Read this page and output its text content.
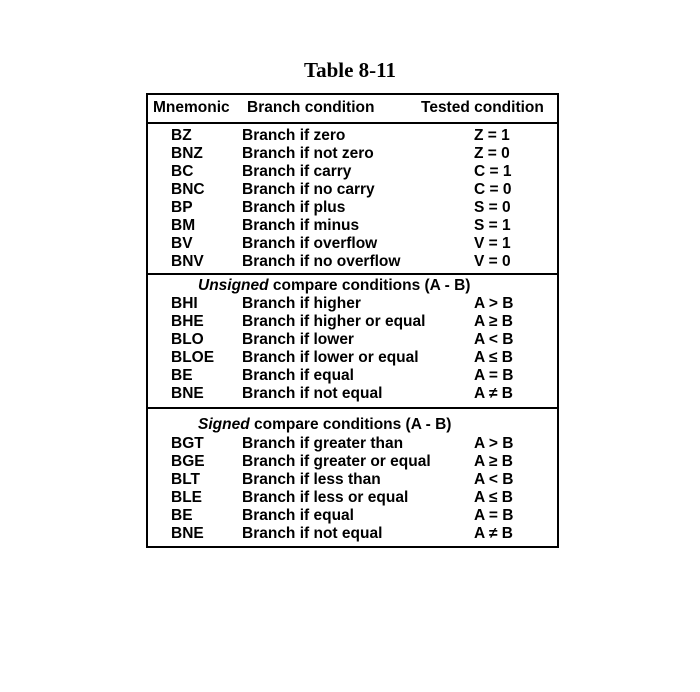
Table 8-11
Mnemonic Branch condition	Tested condition
BZ	Branch if zero	Z = 1
BNZ	Branch if not zero	Z = 0
BC	Branch if carry	C = 1
BNC Branch if no carry	C = 0
BP	Branch if plus	S = 0
BM	Branch if minus	S = 1
BV	Branch if overflow	V = 1
BNV Branch if no overflow	V = 0
Unsigned compare conditions (A - B)
BHI	Branch if higher	A > B
BHE Branch if higher or equal	A ≥ B
BLO Branch if lower	A < B
BLOE Branch if lower or equal	A ≤ B
BE	Branch if equal	A = B
BNE Branch if not equal	A ≠ B
Signed compare conditions (A - B)
BGT Branch if greater than	A > B
BGE Branch if greater or equal	A ≥ B
BLT	Branch if less than	A < B
BLE	Branch if less or equal	A ≤ B
BE	Branch if equal	A = B
BNE Branch if not equal	A ≠ B
